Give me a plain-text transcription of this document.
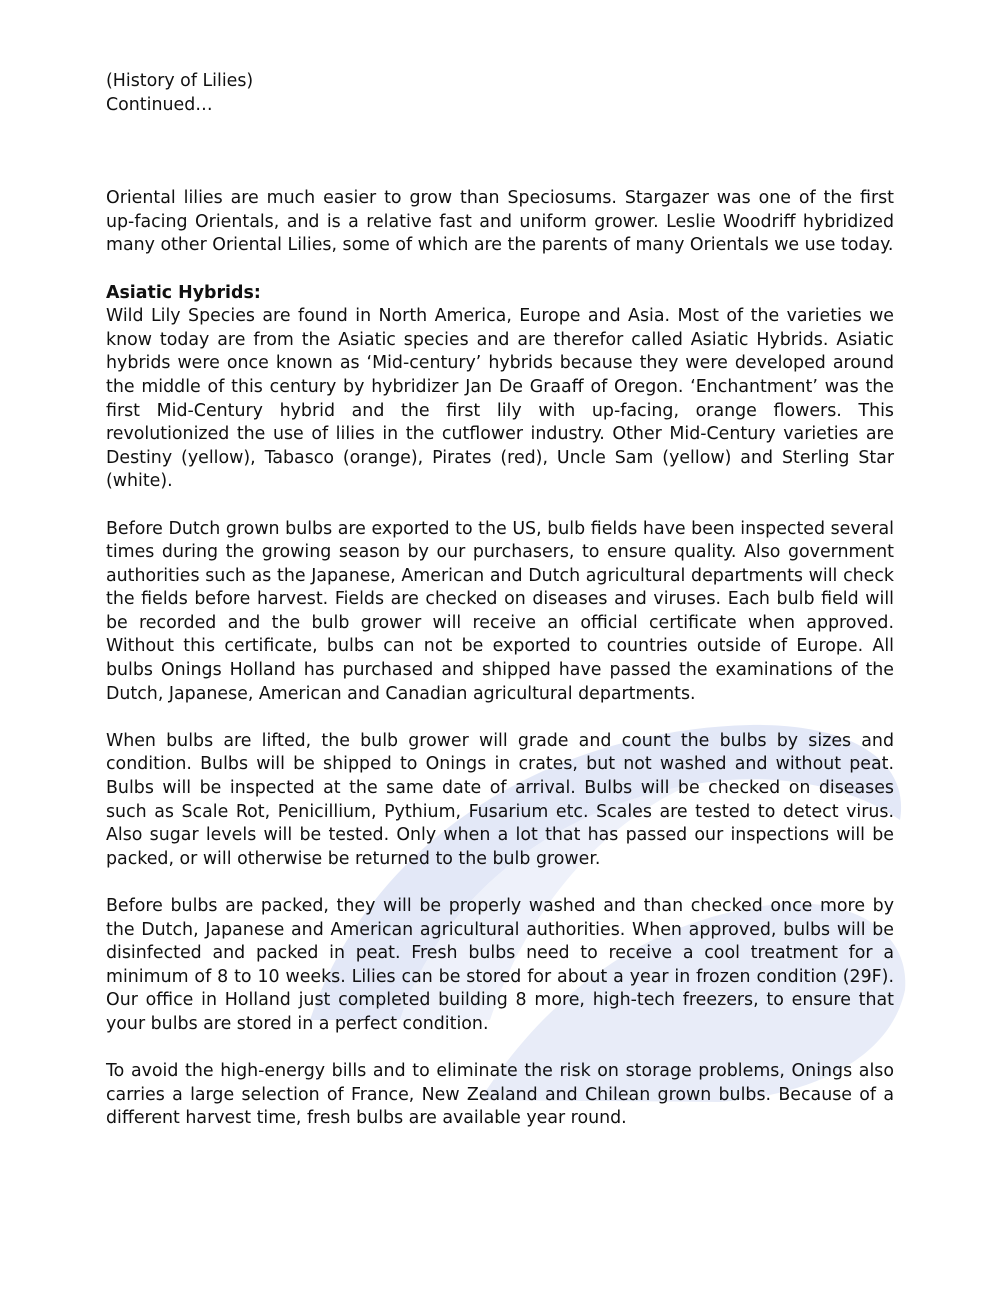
(History of Lilies)
Continued…

Oriental lilies are much easier to grow than Speciosums. Stargazer was one of the first up-facing Orientals, and is a relative fast and uniform grower. Leslie Woodriff hybridized many other Oriental Lilies, some of which are the parents of many Orientals we use today.

Asiatic Hybrids:
Wild Lily Species are found in North America, Europe and Asia. Most of the varieties we know today are from the Asiatic species and are therefor called Asiatic Hybrids. Asiatic hybrids were once known as ‘Mid-century’ hybrids because they were developed around the middle of this century by hybridizer Jan De Graaff of Oregon. ‘Enchantment’ was the first Mid-Century hybrid and the first lily with up-facing, orange flowers. This revolutionized the use of lilies in the cutflower industry. Other Mid-Century varieties are Destiny (yellow), Tabasco (orange), Pirates (red), Uncle Sam (yellow) and Sterling Star (white).

Before Dutch grown bulbs are exported to the US, bulb fields have been inspected several times during the growing season by our purchasers, to ensure quality. Also government authorities such as the Japanese, American and Dutch agricultural departments will check the fields before harvest. Fields are checked on diseases and viruses. Each bulb field will be recorded and the bulb grower will receive an official certificate when approved. Without this certificate, bulbs can not be exported to countries outside of Europe. All bulbs Onings Holland has purchased and shipped have passed the examinations of the Dutch, Japanese, American and Canadian agricultural departments.

When bulbs are lifted, the bulb grower will grade and count the bulbs by sizes and condition. Bulbs will be shipped to Onings in crates, but not washed and without peat. Bulbs will be inspected at the same date of arrival. Bulbs will be checked on diseases such as Scale Rot, Penicillium, Pythium, Fusarium etc. Scales are tested to detect virus. Also sugar levels will be tested. Only when a lot that has passed our inspections will be packed, or will otherwise be returned to the bulb grower.

Before bulbs are packed, they will be properly washed and than checked once more by the Dutch, Japanese and American agricultural authorities. When approved, bulbs will be disinfected and packed in peat. Fresh bulbs need to receive a cool treatment for a minimum of 8 to 10 weeks. Lilies can be stored for about a year in frozen condition (29F). Our office in Holland just completed building 8 more, high-tech freezers, to ensure that your bulbs are stored in a perfect condition.

To avoid the high-energy bills and to eliminate the risk on storage problems, Onings also carries a large selection of France, New Zealand and Chilean grown bulbs. Because of a different harvest time, fresh bulbs are available year round.
